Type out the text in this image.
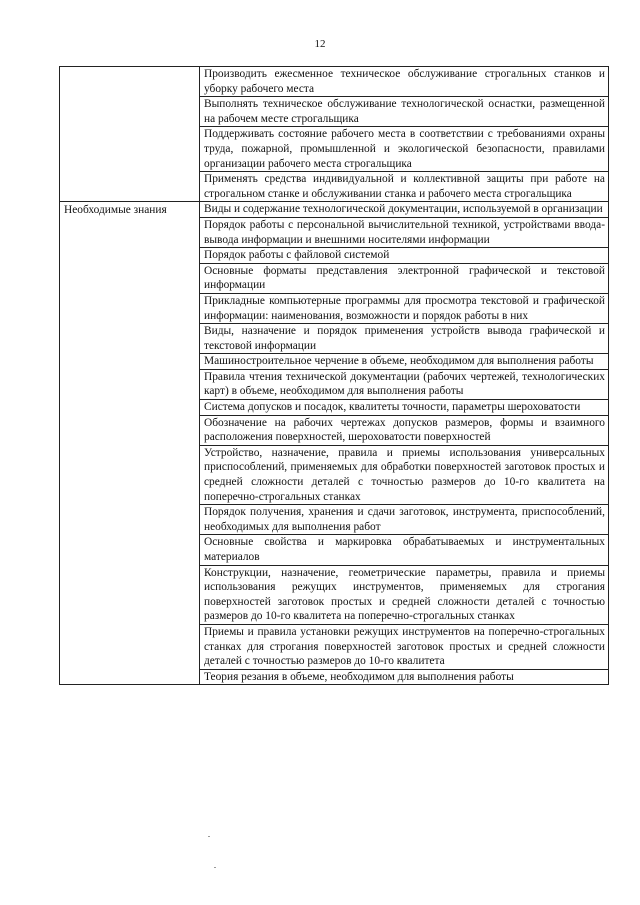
12
	Производить ежесменное техническое обслуживание строгальных станков и уборку рабочего места
	Выполнять техническое обслуживание технологической оснастки, размещенной на рабочем месте строгальщика
	Поддерживать состояние рабочего места в соответствии с требованиями охраны труда, пожарной, промышленной и экологической безопасности, правилами организации рабочего места строгальщика
	Применять средства индивидуальной и коллективной защиты при работе на строгальном станке и обслуживании станка и рабочего места строгальщика

Необходимые знания	Виды и содержание технологической документации, используемой в организации
	Порядок работы с персональной вычислительной техникой, устройствами ввода-вывода информации и внешними носителями информации
	Порядок работы с файловой системой
	Основные форматы представления электронной графической и текстовой информации
	Прикладные компьютерные программы для просмотра текстовой и графической информации: наименования, возможности и порядок работы в них
	Виды, назначение и порядок применения устройств вывода графической и текстовой информации
	Машиностроительное черчение в объеме, необходимом для выполнения работы
	Правила чтения технической документации (рабочих чертежей, технологических карт) в объеме, необходимом для выполнения работы
	Система допусков и посадок, квалитеты точности, параметры шероховатости
	Обозначение на рабочих чертежах допусков размеров, формы и взаимного расположения поверхностей, шероховатости поверхностей
	Устройство, назначение, правила и приемы использования универсальных приспособлений, применяемых для обработки поверхностей заготовок простых и средней сложности деталей с точностью размеров до 10-го квалитета на поперечно-строгальных станках
	Порядок получения, хранения и сдачи заготовок, инструмента, приспособлений, необходимых для выполнения работ
	Основные свойства и маркировка обрабатываемых и инструментальных материалов
	Конструкции, назначение, геометрические параметры, правила и приемы использования режущих инструментов, применяемых для строгания поверхностей заготовок простых и средней сложности деталей с точностью размеров до 10-го квалитета на поперечно-строгальных станках
	Приемы и правила установки режущих инструментов на поперечно-строгальных станках для строгания поверхностей заготовок простых и средней сложности деталей с точностью размеров до 10-го квалитета
	Теория резания в объеме, необходимом для выполнения работы
